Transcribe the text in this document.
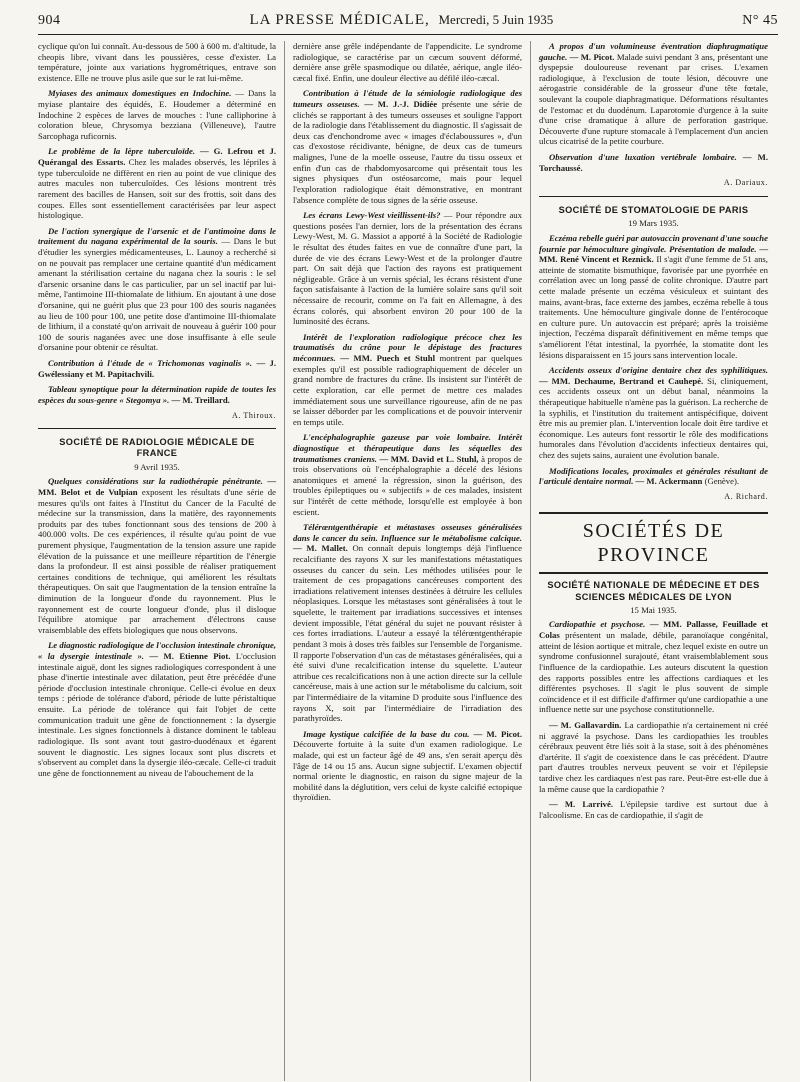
904	LA PRESSE MÉDICALE, Mercredi, 5 Juin 1935	N° 45

cyclique qu'on lui connaît. Au-dessous de 500 à 600 m. d'altitude, la cheopis libre, vivant dans les poussières, cesse d'exister. La température, jointe aux variations hygrométriques, entrave son existence. Elle ne trouve plus asile que sur le rat lui-même.

Myiases des animaux domestiques en Indochine. — Dans la myiase plantaire des équidés, E. Houdemer a déterminé en Indochine 2 espèces de larves de mouches : l'une calliphorine à coloration bleue, Chrysomya bezziana (Villeneuve), l'autre Sarcophaga ruficornis.

Le problème de la lèpre tuberculoïde. — G. Lefrou et J. Quérangal des Essarts. Chez les malades observés, les lépriles à type tuberculoïde ne diffèrent en rien au point de vue clinique des autres macules non tuberculoïdes. Ces lésions montrent très rarement des bacilles de Hansen, soit sur des frottis, soit dans des coupes. Elles sont essentiellement caractérisées par leur aspect histologique.

De l'action synergique de l'arsenic et de l'antimoine dans le traitement du nagana expérimental de la souris. — Dans le but d'étudier les synergies médicamenteuses, L. Launoy a recherché si on ne pouvait pas remplacer une certaine quantité d'un médicament amenant la stérilisation certaine du nagana chez la souris : le sel d'arsenic orsanine dans le cas particulier, par un sel inactif par lui-même, l'antimoine III-thiomalate de lithium. En ajoutant à une dose d'orsanine, qui ne guérit plus que 23 pour 100 des souris naganées au lieu de 100 pour 100, une petite dose d'antimoine III-thiomalate de lithium, il a constaté qu'on arrivait de nouveau à guérir 100 pour 100 de souris naganées avec une dose insuffisante à elle seule d'orsanine pour obtenir ce résultat.

Contribution à l'étude de « Trichomonas vaginalis ». — J. Gwélessiany et M. Papitachvili.

Tableau synoptique pour la détermination rapide de toutes les espèces du sous-genre « Stegomya ». — M. Treillard.

A. Thiroux.

SOCIÉTÉ DE RADIOLOGIE MÉDICALE DE FRANCE

9 Avril 1935.

Quelques considérations sur la radiothérapie pénétrante. — MM. Belot et de Vulpian exposent les résultats d'une série de mesures qu'ils ont faites à l'Institut du Cancer de la Faculté de médecine sur la transmission, dans la matière, des rayonnements produits par des tubes fonctionnant sous des tensions de 200 à 400.000 volts. De ces expériences, il résulte qu'au point de vue purement physique, l'augmentation de la tension assure une rapide élévation de la puissance et une meilleure répartition de l'énergie dans la profondeur. Il est ainsi possible de réaliser pratiquement certaines conditions de technique, qui améliorent les résultats thérapeutiques. On sait que l'augmentation de la tension entraîne la diminution de la longueur d'onde du rayonnement. Plus le rayonnement est de courte longueur d'onde, plus il disloque l'équilibre atomique par arrachement d'électrons cause vraisemblable des effets biologiques que nous observons.

Le diagnostic radiologique de l'occlusion intestinale chronique, « la dysergie intestinale ». — M. Etienne Piot. L'occlusion intestinale aiguë, dont les signes radiologiques correspondent à une phase d'inertie intestinale avec dilatation, peut être précédée d'une période d'occlusion intestinale chronique. Celle-ci évolue en deux temps : période de tolérance d'abord, période de lutte péristaltique ensuite. La période de tolérance qui fait l'objet de cette communication traduit une gêne de fonctionnement : la dysergie intestinale. Les signes fonctionnels à distance dominent le tableau radiologique. Ils sont avant tout gastro-duodénaux et égarent souvent le diagnostic. Les signes locaux sont plus discrets et s'observent au complet dans la dysergie iléo-cæcale. Celle-ci traduit une gêne de fonctionnement au niveau de l'abouchement de la

dernière anse grêle indépendante de l'appendicite. Le syndrome radiologique, se caractérise par un cæcum souvent déformé, dernière anse grêle spasmodique ou dilatée, aérique, angle iléo-cæcal fixé. Enfin, une douleur élective au défilé iléo-cæcal.

Contribution à l'étude de la sémiologie radiologique des tumeurs osseuses. — M. J.-J. Didiée présente une série de clichés se rapportant à des tumeurs osseuses et souligne l'apport de la radiologie dans l'établissement du diagnostic. Il s'agissait de deux cas d'enchondrome avec « images d'éclaboussures », d'un cas d'exostose récidivante, bénigne, de deux cas de tumeurs malignes, l'une de la moelle osseuse, l'autre du tissu osseux et enfin d'un cas de rhabdomyosarcome qui présentait tous les signes physiques d'un ostéosarcome, mais pour lequel l'exploration radiologique était démonstrative, en montrant l'absence complète de tous signes de la série osseuse.

Les écrans Lewy-West vieillissent-ils? — Pour répondre aux questions posées l'an dernier, lors de la présentation des écrans Lewy-West, M. G. Massiot a apporté à la Société de Radiologie le résultat des études faites en vue de connaître d'une part, la durée de vie des écrans Lewy-West et de la prolonger d'autre part. On sait déjà que l'action des rayons est pratiquement négligeable. Grâce à un vernis spécial, les écrans résistent d'une façon satisfaisante à l'action de la lumière solaire sans qu'il soit nécessaire de recourir, comme on l'a fait en Allemagne, à des écrans colorés, qui absorbent environ 20 pour 100 de la luminosité des écrans.

Intérêt de l'exploration radiologique précoce chez les traumatisés du crâne pour le dépistage des fractures méconnues. — MM. Puech et Stuhl montrent par quelques exemples qu'il est possible radiographiquement de déceler un grand nombre de fractures du crâne. Ils insistent sur l'intérêt de cette exploration, car elle permet de mettre ces malades immédiatement sous une surveillance rigoureuse, afin de ne pas se laisser déborder par les complications et de pouvoir intervenir en temps utile.

L'encéphalographie gazeuse par voie lombaire. Intérêt diagnostique et thérapeutique dans les séquelles des traumatismes craniens. — MM. David et L. Stuhl, à propos de trois observations où l'encéphalographie a décelé des lésions anatomiques et amené la régression, sinon la guérison, des troubles épileptiques ou « subjectifs » de ces malades, insistent sur l'intérêt de cette méthode, lorsqu'elle est employée à bon escient.

Télérœntgenthérapie et métastases osseuses généralisées dans le cancer du sein. Influence sur le métabolisme calcique. — M. Mallet. On connaît depuis longtemps déjà l'influence recalcifiante des rayons X sur les manifestations métastatiques osseuses du cancer du sein. Les méthodes utilisées pour le traitement de ces propagations cancéreuses comportent des irradiations relativement intenses destinées à détruire les cellules néoplasiques. Lorsque les métastases sont généralisées à tout le squelette, le traitement par irradiations successives et intenses devient impossible, l'état général du sujet ne pouvant résister à ces fortes irradiations. L'auteur a essayé la télérœntgenthérapie pendant 3 mois à doses très faibles sur l'ensemble de l'organisme. Il rapporte l'observation d'un cas de métastases généralisées, qui a été suivi d'une recalcification intense du squelette. L'auteur attribue ces recalcifications non à une action directe sur la cellule cancéreuse, mais à une action sur le métabolisme du calcium, soit par l'intermédiaire de la vitamine D produite sous l'influence des rayons X, soit par l'intermédiaire de l'irradiation des parathyroïdes.

Image kystique calcifiée de la base du cou. — M. Picot. Découverte fortuite à la suite d'un examen radiologique. Le malade, qui est un facteur âgé de 49 ans, s'en serait aperçu dès l'âge de 14 ou 15 ans. Aucun signe subjectif. L'examen objectif normal oriente le diagnostic, en raison du signe majeur de la mobilité dans la déglutition, vers celui de kyste calcifié ectopique thyroïdien.

A propos d'un volumineuse éventration diaphragmatique gauche. — M. Picot. Malade suivi pendant 3 ans, présentant une dyspepsie douloureuse revenant par crises. L'examen radiologique, à l'exclusion de toute lésion, découvre une aérogastrie considérable de la grosseur d'une tête fœtale, soulevant la coupole diaphragmatique. Déformations résultantes de l'estomac et du duodénum. Laparotomie d'urgence à la suite d'une crise dramatique à allure de perforation gastrique. Découverte d'une rupture stomacale à l'emplacement d'un ancien ulcus cicatrisé de la petite courbure.

Observation d'une luxation vertébrale lombaire. — M. Torchaussé.

A. Dariaux.

SOCIÉTÉ DE STOMATOLOGIE DE PARIS

19 Mars 1935.

Eczéma rebelle guéri par autovaccin provenant d'une souche fournie par hémoculture gingivale. Présentation de malade. — MM. René Vincent et Reznick. Il s'agit d'une femme de 51 ans, atteinte de stomatite bismuthique, favorisée par une pyorrhée en corrélation avec un long passé de colite chronique. D'autre part cette malade présente un eczéma vésiculeux et suintant des mains, avant-bras, face externe des jambes, eczéma rebelle à tous traitements. Une hémoculture gingivale donne de l'entérocoque en culture pure. Un autovaccin est préparé; après la troisième injection, l'eczéma disparaît définitivement en même temps que s'améliorent l'état intestinal, la pyorrhée, la stomatite dont les lésions disparaissent en 15 jours sans intervention locale.

Accidents osseux d'origine dentaire chez des syphilitiques. — MM. Dechaume, Bertrand et Cauhepé. Si, cliniquement, ces accidents osseux ont un début banal, néanmoins la thérapeutique habituelle n'amène pas la guérison. La recherche de la syphilis, et l'institution du traitement antispécifique, doivent être mis au premier plan. L'intervention locale doit être tardive et économique. Les auteurs font ressortir le rôle des modifications humorales dans l'évolution d'accidents infectieux dentaires qui, chez des sujets sains, auraient une évolution banale.

Modifications locales, proximales et générales résultant de l'articulé dentaire normal. — M. Ackermann (Genève).

A. Richard.

SOCIÉTÉS DE PROVINCE

SOCIÉTÉ NATIONALE DE MÉDECINE ET DES SCIENCES MÉDICALES DE LYON

15 Mai 1935.

Cardiopathie et psychose. — MM. Pallasse, Feuillade et Colas présentent un malade, débile, paranoïaque congénital, atteint de lésion aortique et mitrale, chez lequel existe en outre un syndrome confusionnel surajouté, étant vraisemblablement sous l'influence de la cardiopathie. Les auteurs discutent la question des rapports possibles entre les affections cardiaques et les différentes psychoses. Il s'agit le plus souvent de simple coïncidence et il est difficile d'affirmer qu'une cardiopathie a une influence nette sur une psychose constitutionnelle.

— M. Gallavardin. La cardiopathie n'a certainement ni créé ni aggravé la psychose. Dans les cardiopathies les troubles cérébraux peuvent être liés soit à la stase, soit à des phénomènes d'artérite. Il s'agit de coexistence dans le cas précédent. D'autre part d'autres troubles nerveux peuvent se voir et l'épilepsie tardive chez les cardiaques n'est pas rare. Peut-être est-elle due à la même cause que la cardiopathie ?

— M. Larrivé. L'épilepsie tardive est surtout due à l'alcoolisme. En cas de cardiopathie, il s'agit de
